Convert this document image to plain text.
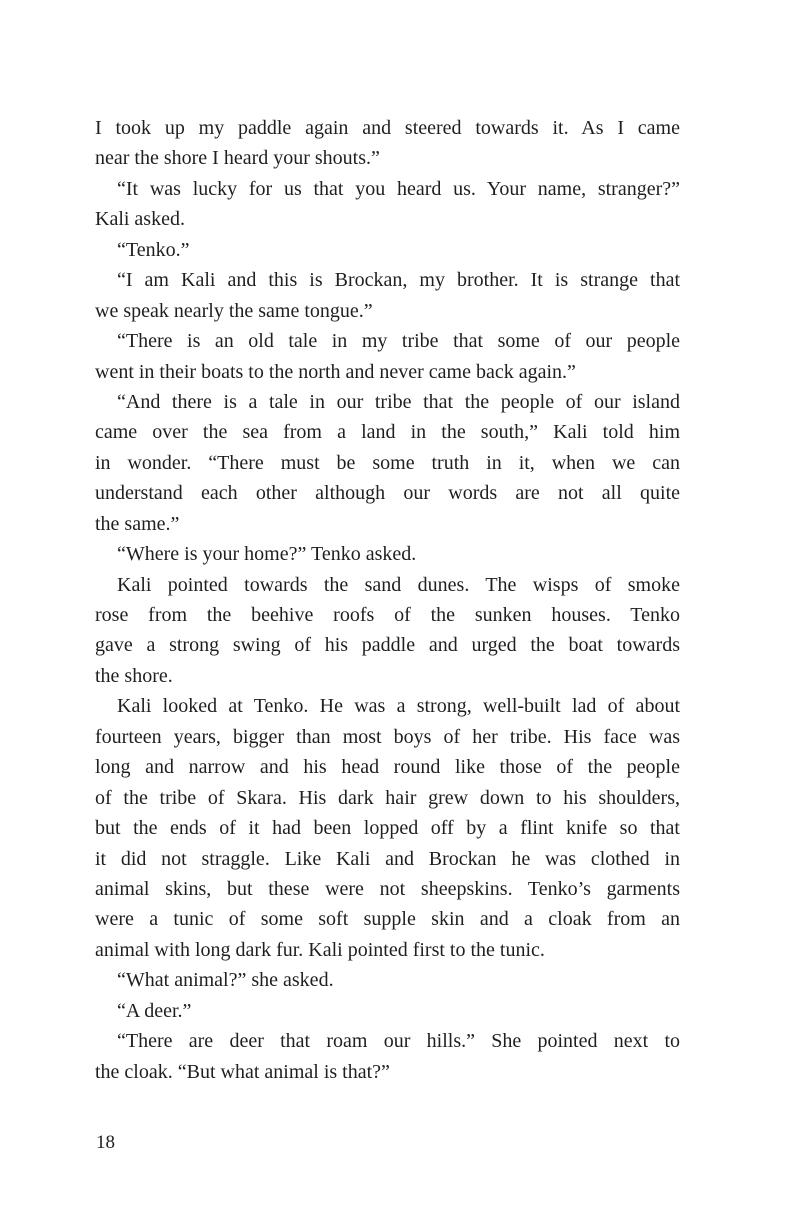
I took up my paddle again and steered towards it. As I came
near the shore I heard your shouts.”
“It was lucky for us that you heard us. Your name, stranger?”
Kali asked.
“Tenko.”
“I am Kali and this is Brockan, my brother. It is strange that
we speak nearly the same tongue.”
“There is an old tale in my tribe that some of our people
went in their boats to the north and never came back again.”
“And there is a tale in our tribe that the people of our island
came over the sea from a land in the south,” Kali told him
in wonder. “There must be some truth in it, when we can
understand each other although our words are not all quite
the same.”
“Where is your home?” Tenko asked.
Kali pointed towards the sand dunes. The wisps of smoke
rose from the beehive roofs of the sunken houses. Tenko
gave a strong swing of his paddle and urged the boat towards
the shore.
Kali looked at Tenko. He was a strong, well-built lad of about
fourteen years, bigger than most boys of her tribe. His face was
long and narrow and his head round like those of the people
of the tribe of Skara. His dark hair grew down to his shoulders,
but the ends of it had been lopped off by a flint knife so that
it did not straggle. Like Kali and Brockan he was clothed in
animal skins, but these were not sheepskins. Tenko’s garments
were a tunic of some soft supple skin and a cloak from an
animal with long dark fur. Kali pointed first to the tunic.
“What animal?” she asked.
“A deer.”
“There are deer that roam our hills.” She pointed next to
the cloak. “But what animal is that?”
18
